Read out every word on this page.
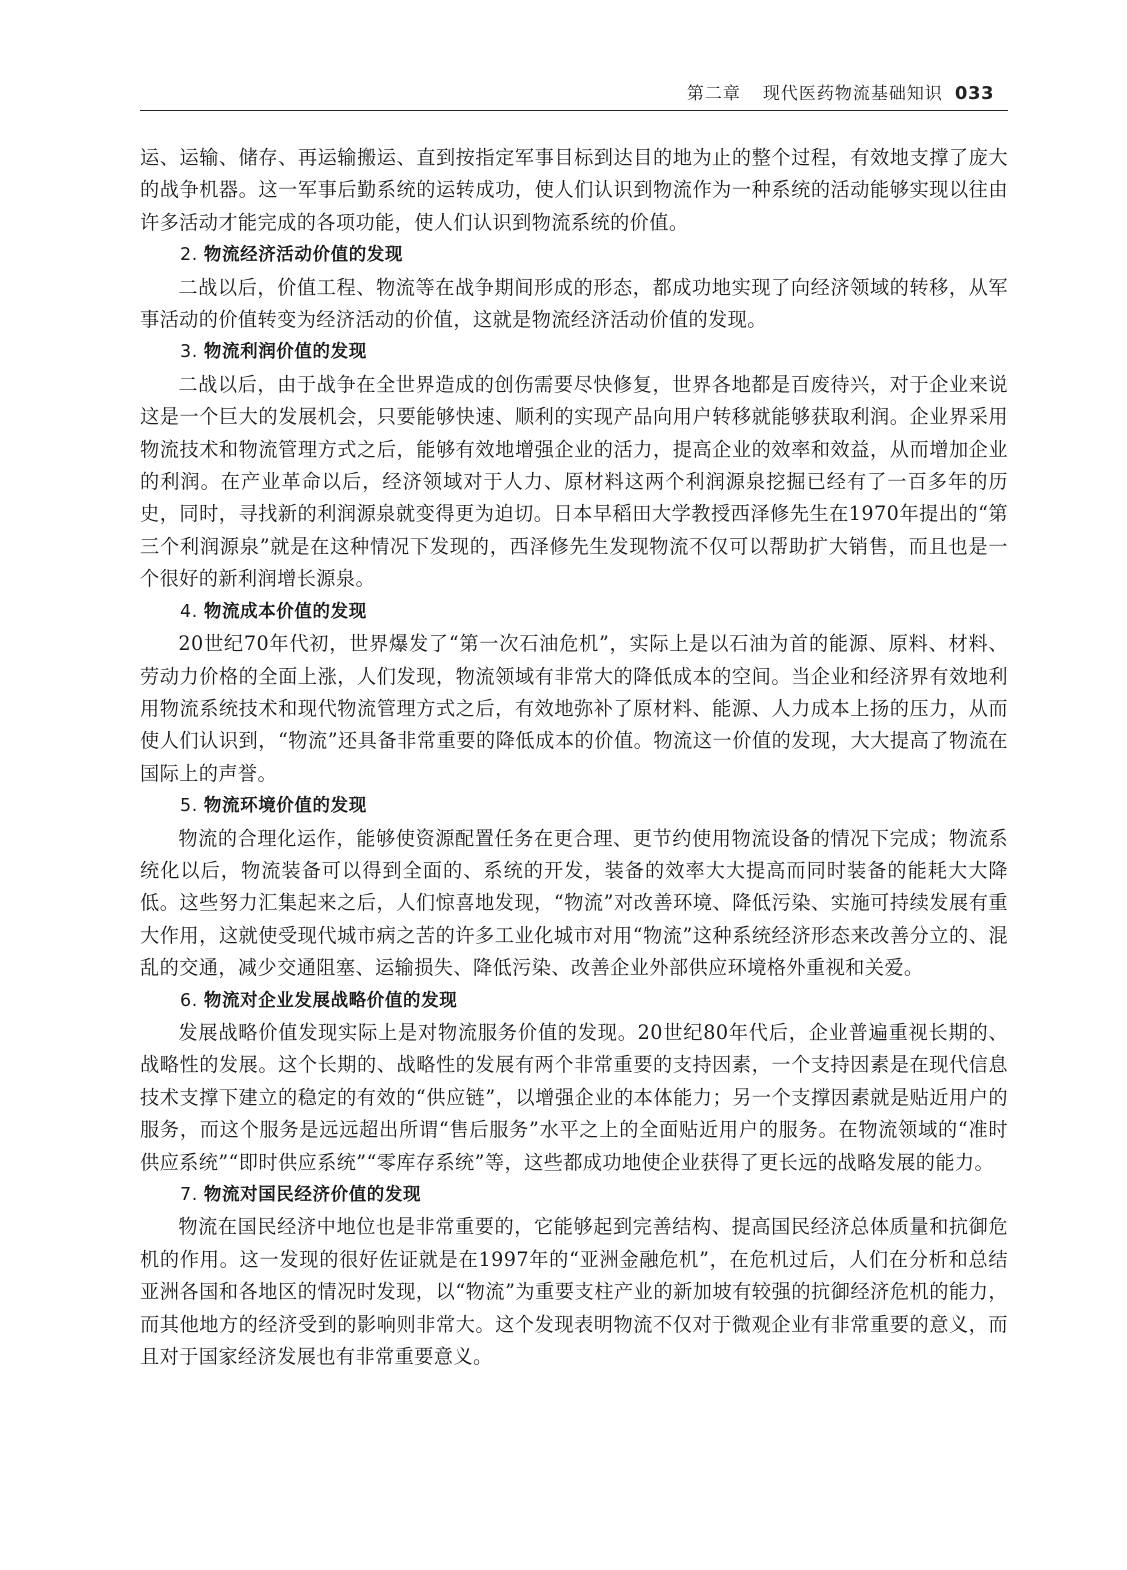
第二章 现代医药物流基础知识 033

运、运输、储存、再运输搬运、直到按指定军事目标到达目的地为止的整个过程，有效地支撑了庞大的战争机器。这一军事后勤系统的运转成功，使人们认识到物流作为一种系统的活动能够实现以往由许多活动才能完成的各项功能，使人们认识到物流系统的价值。

2. 物流经济活动价值的发现

二战以后，价值工程、物流等在战争期间形成的形态，都成功地实现了向经济领域的转移，从军事活动的价值转变为经济活动的价值，这就是物流经济活动价值的发现。

3. 物流利润价值的发现

二战以后，由于战争在全世界造成的创伤需要尽快修复，世界各地都是百废待兴，对于企业来说这是一个巨大的发展机会，只要能够快速、顺利的实现产品向用户转移就能够获取利润。企业界采用物流技术和物流管理方式之后，能够有效地增强企业的活力，提高企业的效率和效益，从而增加企业的利润。在产业革命以后，经济领域对于人力、原材料这两个利润源泉挖掘已经有了一百多年的历史，同时，寻找新的利润源泉就变得更为迫切。日本早稻田大学教授西泽修先生在1970年提出的“第三个利润源泉”就是在这种情况下发现的，西泽修先生发现物流不仅可以帮助扩大销售，而且也是一个很好的新利润增长源泉。

4. 物流成本价值的发现

20世纪70年代初，世界爆发了“第一次石油危机”，实际上是以石油为首的能源、原料、材料、劳动力价格的全面上涨，人们发现，物流领域有非常大的降低成本的空间。当企业和经济界有效地利用物流系统技术和现代物流管理方式之后，有效地弥补了原材料、能源、人力成本上扬的压力，从而使人们认识到，“物流”还具备非常重要的降低成本的价值。物流这一价值的发现，大大提高了物流在国际上的声誉。

5. 物流环境价值的发现

物流的合理化运作，能够使资源配置任务在更合理、更节约使用物流设备的情况下完成；物流系统化以后，物流装备可以得到全面的、系统的开发，装备的效率大大提高而同时装备的能耗大大降低。这些努力汇集起来之后，人们惊喜地发现，“物流”对改善环境、降低污染、实施可持续发展有重大作用，这就使受现代城市病之苦的许多工业化城市对用“物流”这种系统经济形态来改善分立的、混乱的交通，减少交通阻塞、运输损失、降低污染、改善企业外部供应环境格外重视和关爱。

6. 物流对企业发展战略价值的发现

发展战略价值发现实际上是对物流服务价值的发现。20世纪80年代后，企业普遍重视长期的、战略性的发展。这个长期的、战略性的发展有两个非常重要的支持因素，一个支持因素是在现代信息技术支撑下建立的稳定的有效的“供应链”，以增强企业的本体能力；另一个支撑因素就是贴近用户的服务，而这个服务是远远超出所谓“售后服务”水平之上的全面贴近用户的服务。在物流领域的“准时供应系统”“即时供应系统”“零库存系统”等，这些都成功地使企业获得了更长远的战略发展的能力。

7. 物流对国民经济价值的发现

物流在国民经济中地位也是非常重要的，它能够起到完善结构、提高国民经济总体质量和抗御危机的作用。这一发现的很好佐证就是在1997年的“亚洲金融危机”，在危机过后，人们在分析和总结亚洲各国和各地区的情况时发现，以“物流”为重要支柱产业的新加坡有较强的抗御经济危机的能力，而其他地方的经济受到的影响则非常大。这个发现表明物流不仅对于微观企业有非常重要的意义，而且对于国家经济发展也有非常重要意义。
